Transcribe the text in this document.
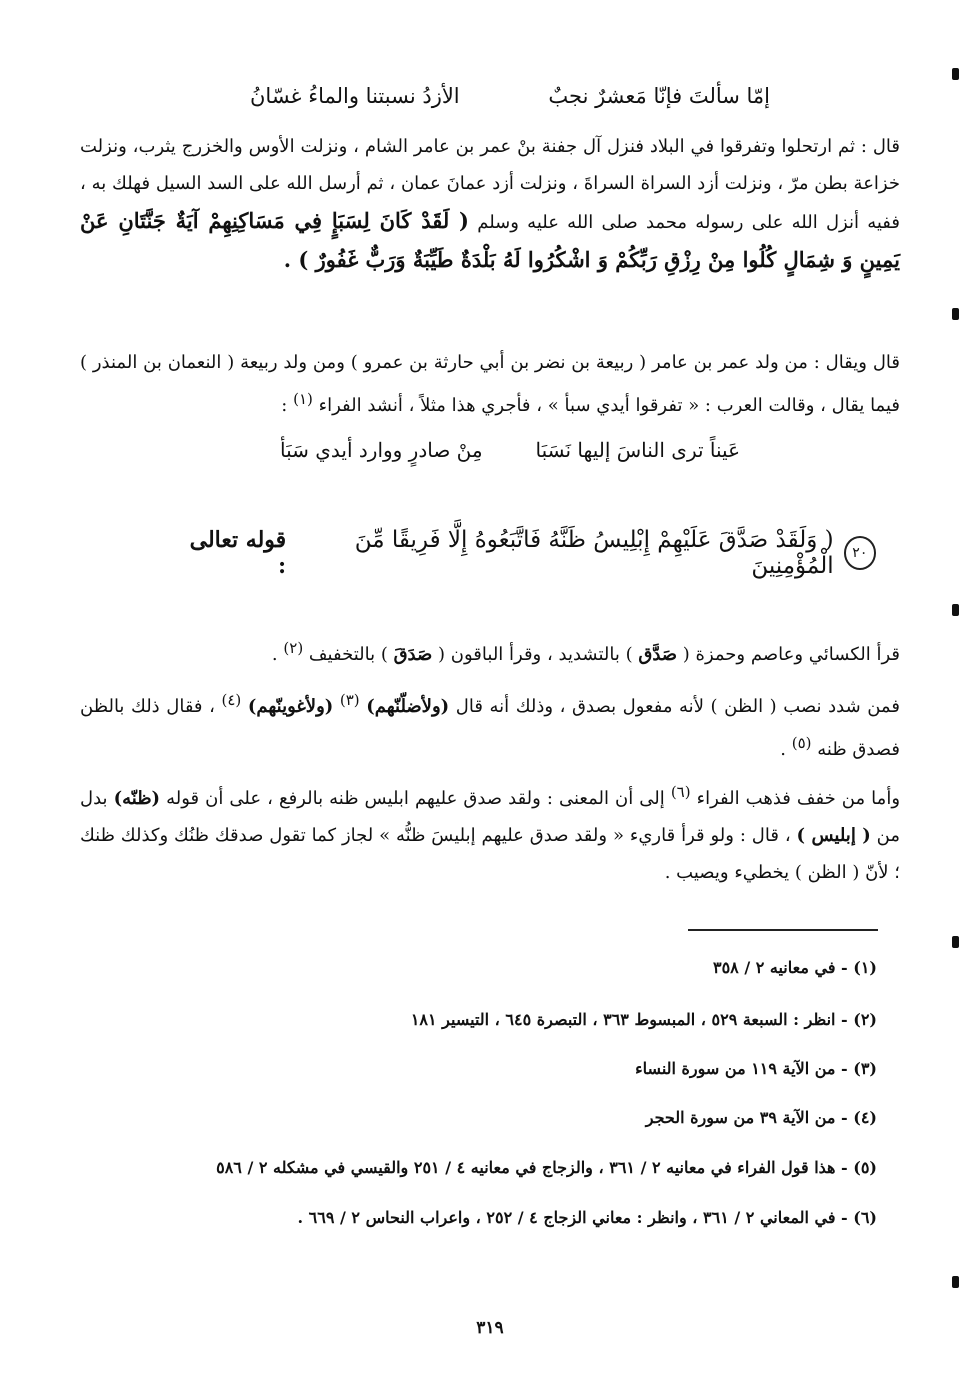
إمّا سألتَ فإنّا مَعشرٌ نجبٌ
الأزدُ نسبتنا والماءُ غسّانُ
قال : ثم ارتحلوا وتفرقوا في البلاد فنزل آل جفنة بنْ عمر بن عامر الشام ، ونزلت الأوس والخزرج يثرب، ونزلت خزاعة بطن مرّ ، ونزلت أزد السراة السراةَ ، ونزلت أزد عمانَ عمان ، ثم أرسل الله على السد السيل فهلك به ، ففيه أنزل الله على رسوله محمد صلى الله عليه وسلم ( لَقَدْ كَانَ لِسَبَإٍ فِي مَسَاكِنِهِمْ آيَةٌ جَنَّتَانِ عَنْ يَمِينٍ وَ شِمَالٍ كُلُوا مِنْ رِزْقِ رَبِّكُمْ وَ اشْكُرُوا لَهُ بَلْدَةٌ طَيِّبَةٌ وَرَبٌّ غَفُورٌ ) .
قال ويقال : من ولد عمر بن عامر ( ربيعة بن نضر بن أبي حارثة بن عمرو ) ومن ولد ربيعة ( النعمان بن المنذر ) فيما يقال ، وقالت العرب : « تفرقوا أيدي سبأ » ، فأجري هذا مثلاً ، أنشد الفراء $^{(١)}$ :
عَيناً ترى الناسَ إليها نَسَبَا
مِنْ صادرٍ ووارد أيدي سَبَأ
قوله تعالى :
( وَلَقَدْ صَدَّقَ عَلَيْهِمْ إِبْلِيسُ ظَنَّهُ فَاتَّبَعُوهُ إِلَّا فَرِيقًا مِّنَ الْمُؤْمِنِينَ	٢٠
قرأ الكسائي وعاصم وحمزة ( صَدَّق ) بالتشديد ، وقرأ الباقون ( صَدَقَ ) بالتخفيف $^{(٢)}$ .
فمن شدد نصب ( الظن ) لأنه مفعول بصدق ، وذلك أنه قال (ولأضلّنّهم) $^{(٣)}$ (ولأغوينّهم) $^{(٤)}$ ، فقال ذلك بالظن فصدق ظنه $^{(٥)}$ .
وأما من خفف فذهب الفراء $^{(٦)}$ إلى أن المعنى : ولقد صدق عليهم ابليس ظنه بالرفع ، على أن قوله (ظنّه) بدل من ( إبليس ) ، قال : ولو قرأ قاريء « ولقد صدق عليهم إبليسَ ظنُّه » لجاز كما تقول صدقك ظنُك وكذلك ظنك ؛ لأنّ ( الظن ) يخطيء ويصيب .
(١) - في معانيه ٢ / ٣٥٨
(٢) - انظر : السبعة ٥٢٩ ، المبسوط ٣٦٣ ، التبصرة ٦٤٥ ، التيسير ١٨١
(٣) - من الآية ١١٩ من سورة النساء
(٤) - من الآية ٣٩ من سورة الحجر
(٥) - هذا قول الفراء في معانيه ٢ / ٣٦١ ، والزجاج في معانيه ٤ / ٢٥١ والقيسي في مشكله ٢ / ٥٨٦
(٦) - في المعاني ٢ / ٣٦١ ، وانظر : معاني الزجاج ٤ / ٢٥٢ ، واعراب النحاس ٢ / ٦٦٩ .
٣١٩
